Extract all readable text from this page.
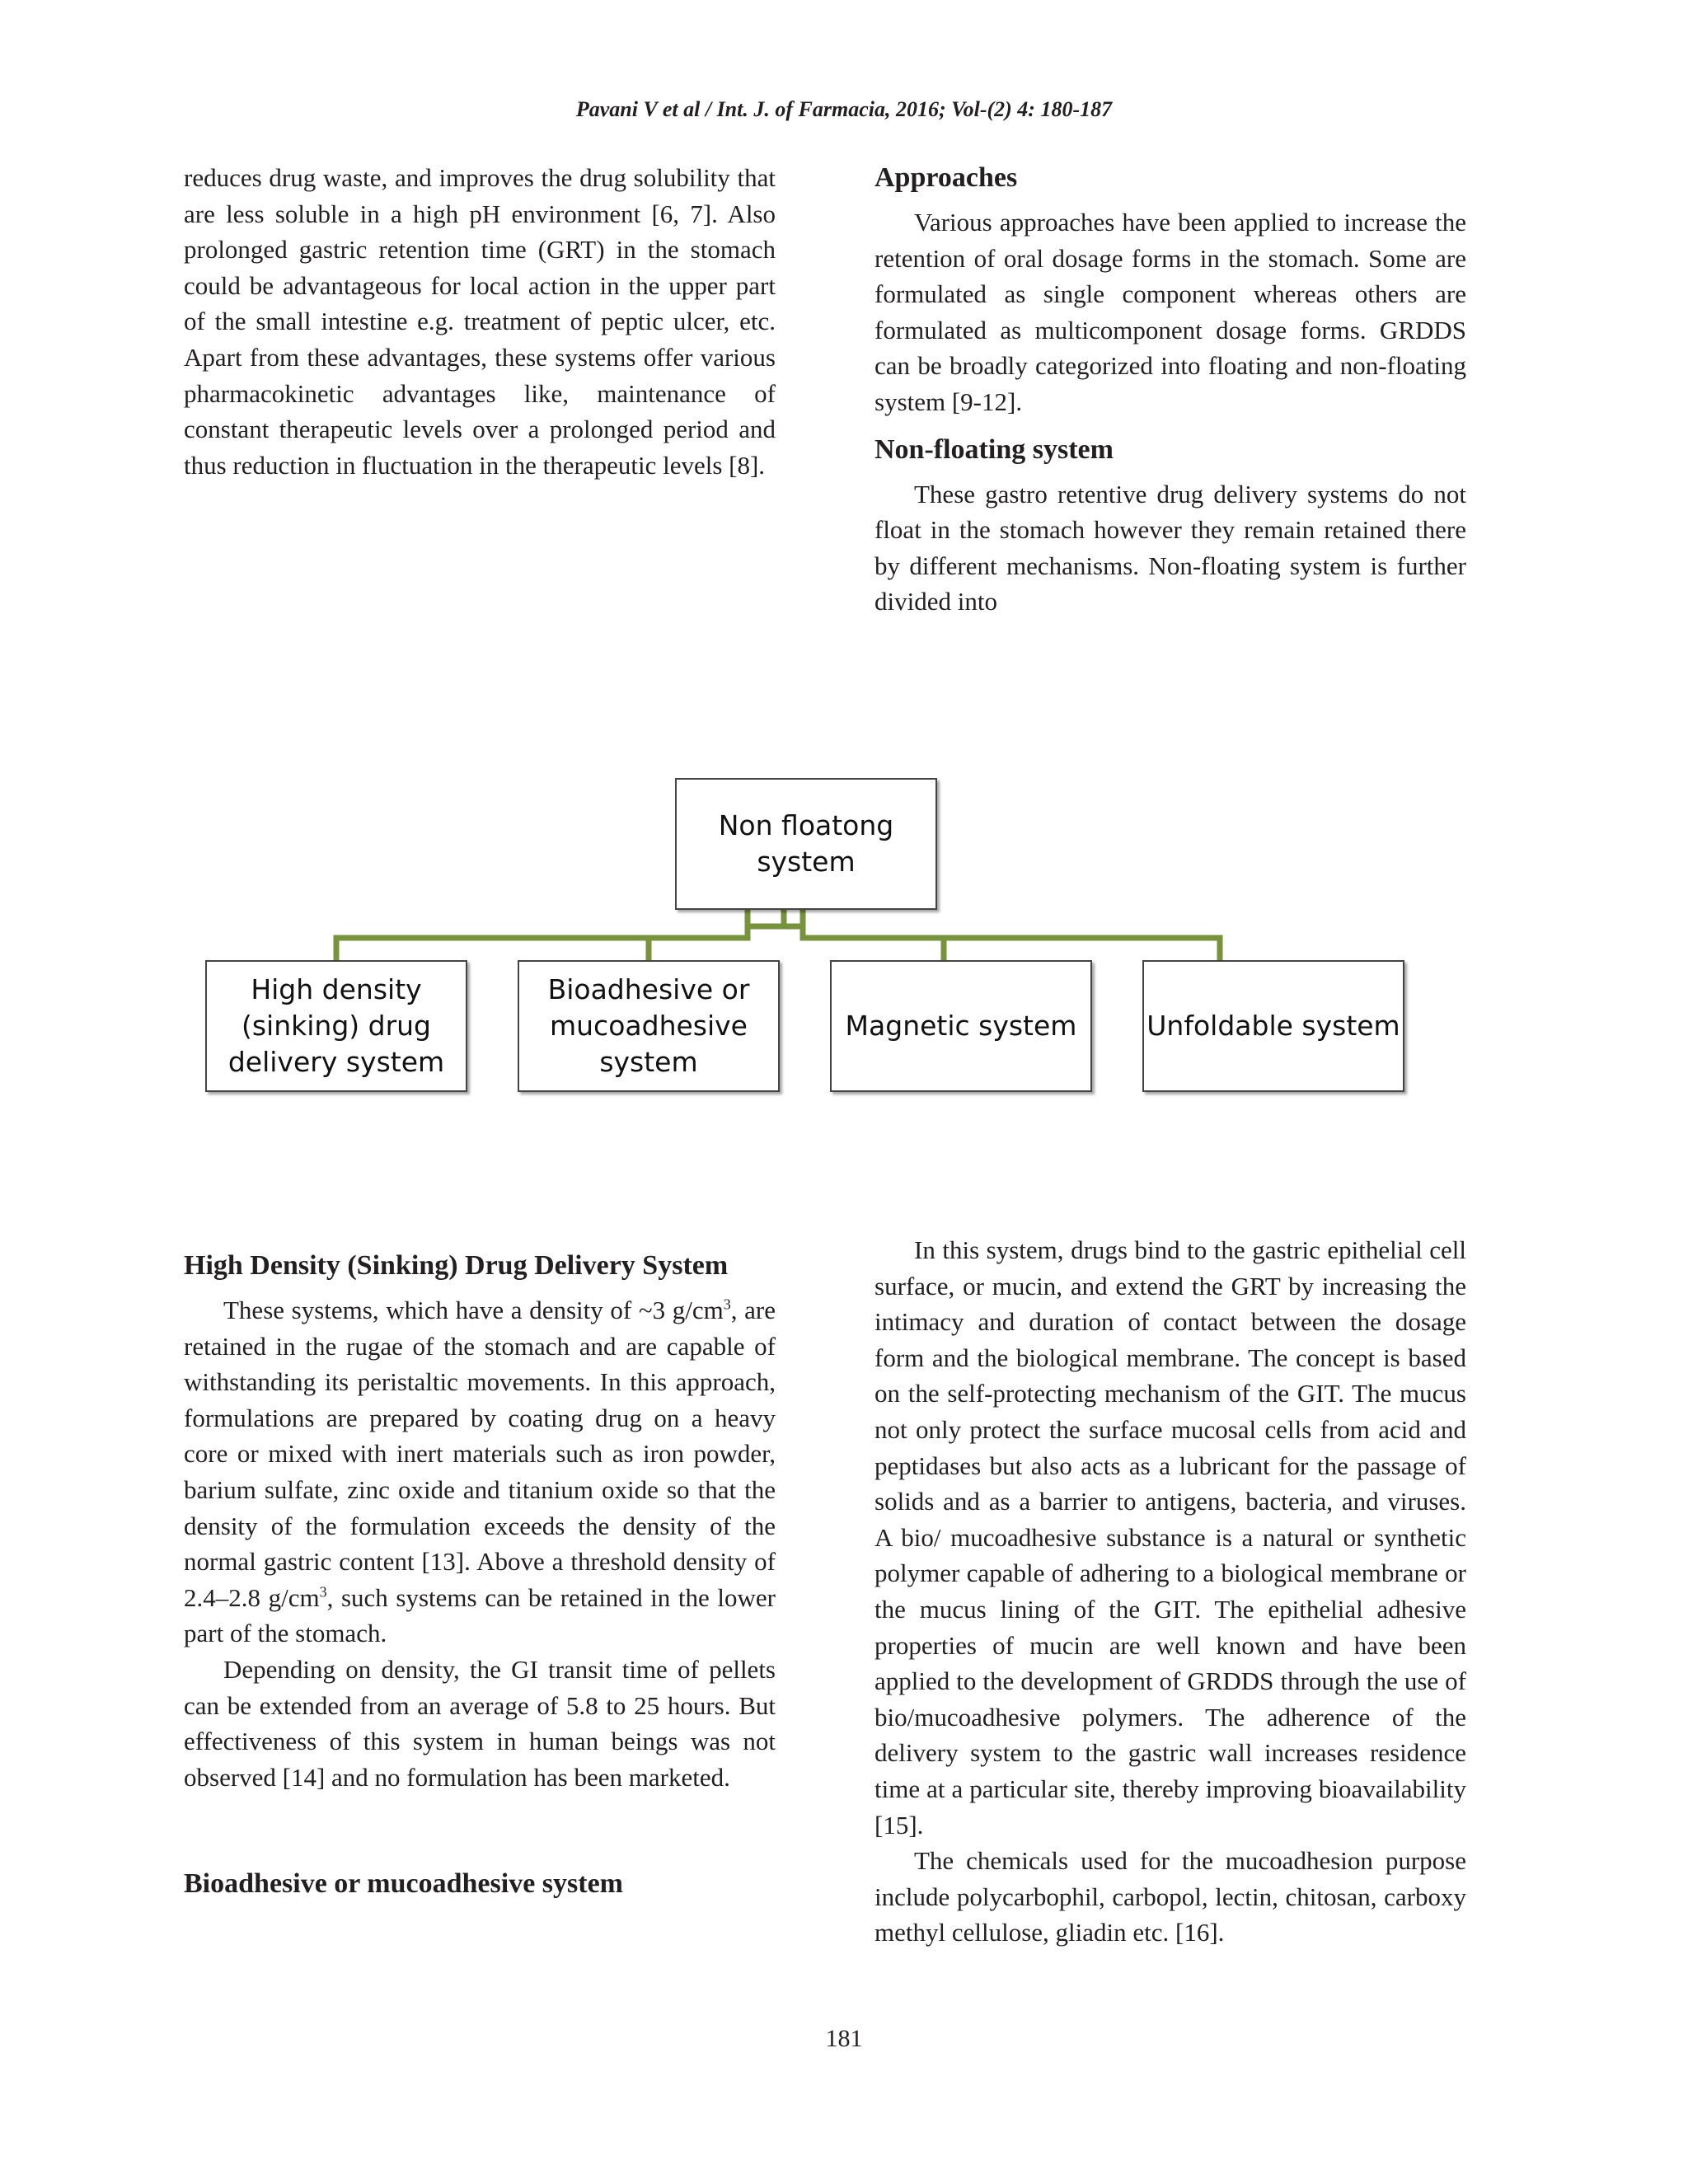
Pavani V et al / Int. J. of Farmacia, 2016; Vol-(2) 4: 180-187

reduces drug waste, and improves the drug solubility that are less soluble in a high pH environment [6, 7]. Also prolonged gastric retention time (GRT) in the stomach could be advantageous for local action in the upper part of the small intestine e.g. treatment of peptic ulcer, etc. Apart from these advantages, these systems offer various pharmacokinetic advantages like, maintenance of constant therapeutic levels over a prolonged period and thus reduction in fluctuation in the therapeutic levels [8].

Approaches

Various approaches have been applied to increase the retention of oral dosage forms in the stomach. Some are formulated as single component whereas others are formulated as multicomponent dosage forms. GRDDS can be broadly categorized into floating and non-floating system [9-12].

Non-floating system

These gastro retentive drug delivery systems do not float in the stomach however they remain retained there by different mechanisms. Non-floating system is further divided into

Non floatong
system
High density
(sinking) drug
delivery system
Bioadhesive or
mucoadhesive
system
Magnetic system	Unfoldable system
High Density (Sinking) Drug Delivery System

These systems, which have a density of ~3 $g/cm^3$, are retained in the rugae of the stomach and are capable of withstanding its peristaltic movements. In this approach, formulations are prepared by coating drug on a heavy core or mixed with inert materials such as iron powder, barium sulfate, zinc oxide and titanium oxide so that the density of the formulation exceeds the density of the normal gastric content [13]. Above a threshold density of 2.4–2.8 $g/cm^3$, such systems can be retained in the lower part of the stomach.

Depending on density, the GI transit time of pellets can be extended from an average of 5.8 to 25 hours. But effectiveness of this system in human beings was not observed [14] and no formulation has been marketed.

Bioadhesive or mucoadhesive system

In this system, drugs bind to the gastric epithelial cell surface, or mucin, and extend the GRT by increasing the intimacy and duration of contact between the dosage form and the biological membrane. The concept is based on the self-protecting mechanism of the GIT. The mucus not only protect the surface mucosal cells from acid and peptidases but also acts as a lubricant for the passage of solids and as a barrier to antigens, bacteria, and viruses. A bio/ mucoadhesive substance is a natural or synthetic polymer capable of adhering to a biological membrane or the mucus lining of the GIT. The epithelial adhesive properties of mucin are well known and have been applied to the development of GRDDS through the use of bio/mucoadhesive polymers. The adherence of the delivery system to the gastric wall increases residence time at a particular site, thereby improving bioavailability [15].

The chemicals used for the mucoadhesion purpose include polycarbophil, carbopol, lectin, chitosan, carboxy methyl cellulose, gliadin etc. [16].

181
